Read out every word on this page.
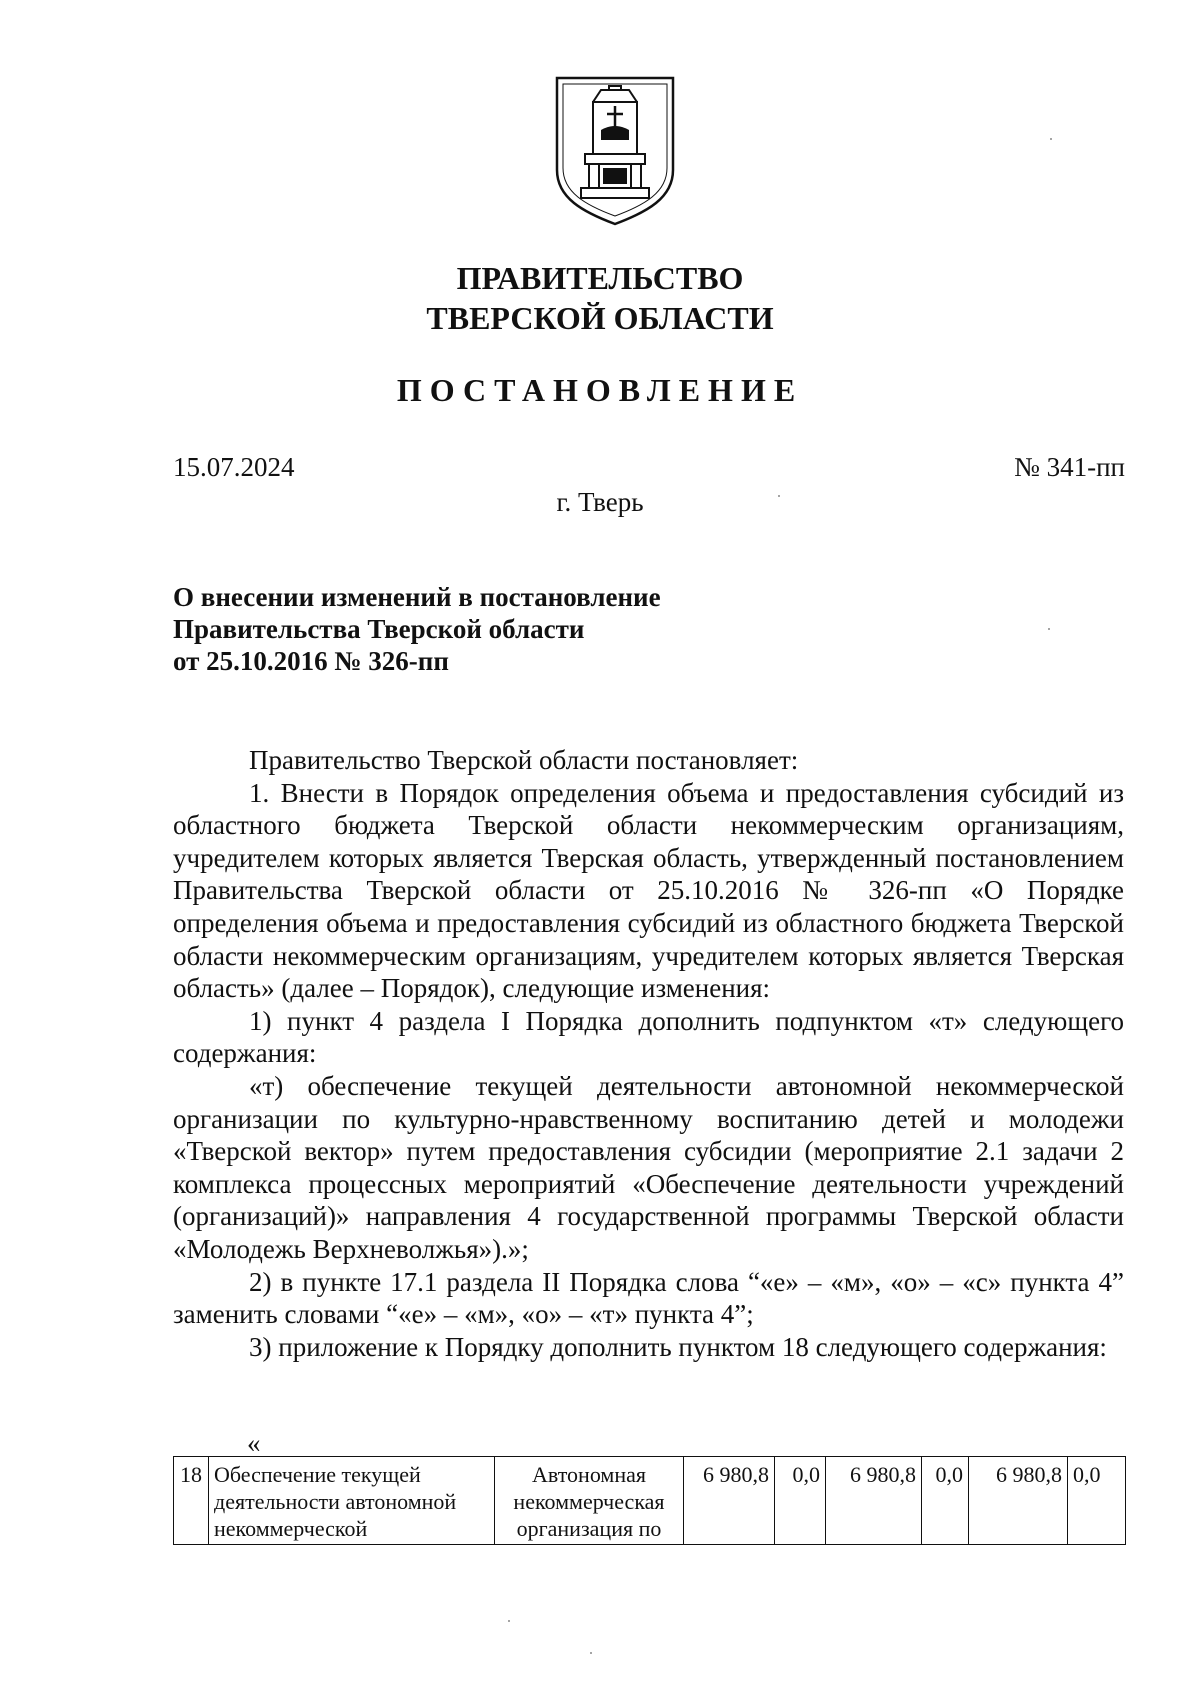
ПРАВИТЕЛЬСТВО
ТВЕРСКОЙ ОБЛАСТИ
ПОСТАНОВЛЕНИЕ
15.07.2024	№ 341-пп
г. Тверь
О внесении изменений в постановление
Правительства Тверской области
от 25.10.2016 № 326-пп

Правительство Тверской области постановляет:

1. Внести в Порядок определения объема и предоставления субсидий из областного бюджета Тверской области некоммерческим организациям, учредителем которых является Тверская область, утвержденный постановлением Правительства Тверской области от 25.10.2016 № 326-пп «О Порядке определения объема и предоставления субсидий из областного бюджета Тверской области некоммерческим организациям, учредителем которых является Тверская область» (далее – Порядок), следующие изменения:

1) пункт 4 раздела I Порядка дополнить подпунктом «т» следующего содержания:

«т) обеспечение текущей деятельности автономной некоммерческой организации по культурно-нравственному воспитанию детей и молодежи «Тверской вектор» путем предоставления субсидии (мероприятие 2.1 задачи 2 комплекса процессных мероприятий «Обеспечение деятельности учреждений (организаций)» направления 4 государственной программы Тверской области «Молодежь Верхневолжья»).»;

2) в пункте 17.1 раздела II Порядка слова “«е» – «м», «о» – «с» пункта 4” заменить словами “«е» – «м», «о» – «т» пункта 4”;

3) приложение к Порядку дополнить пунктом 18 следующего содержания:

«
18	Обеспечение текущей деятельности автономной некоммерческой	Автономная некоммерческая организация по	6 980,8	0,0	6 980,8	0,0	6 980,8	0,0
